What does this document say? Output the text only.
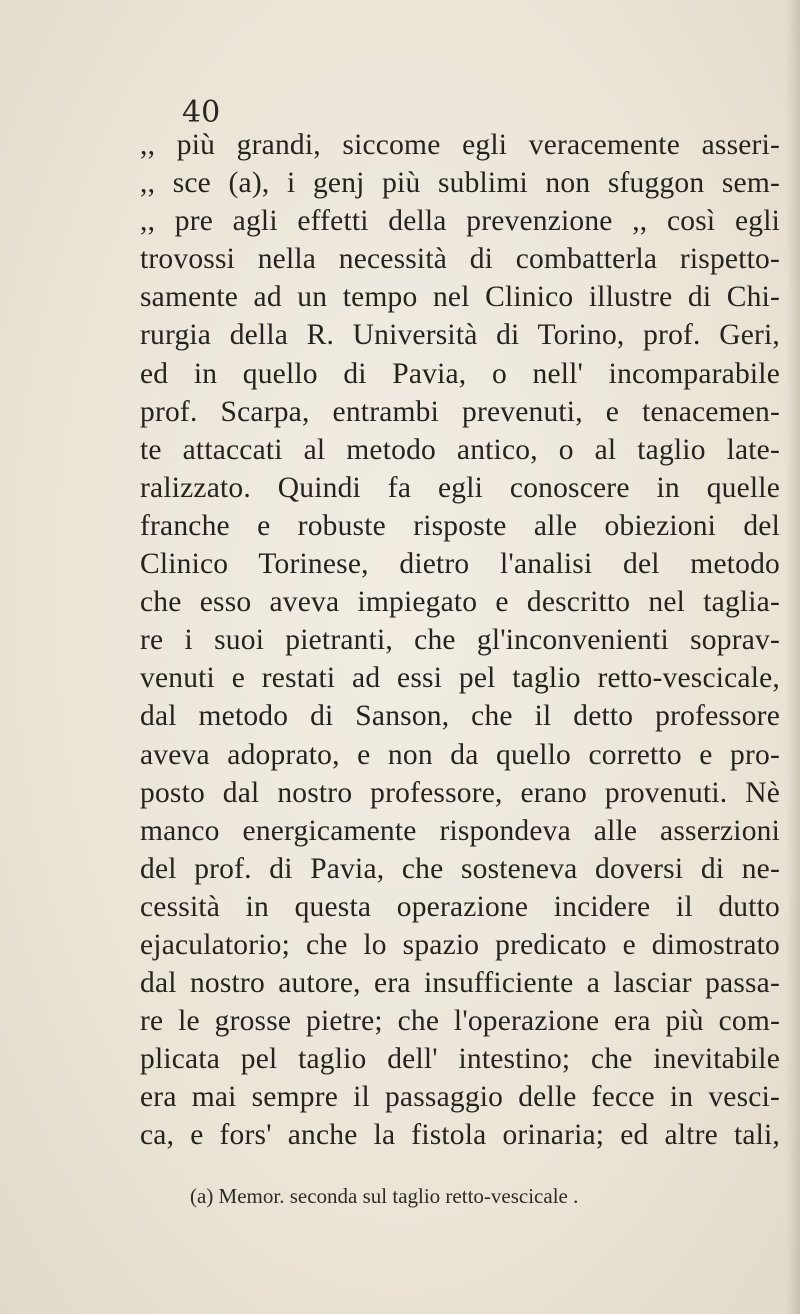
40
,, più grandi, siccome egli veracemente asseri-
,, sce (a), i genj più sublimi non sfuggon sem-
,, pre agli effetti della prevenzione ,, così egli
trovossi nella necessità di combatterla rispetto-
samente ad un tempo nel Clinico illustre di Chi-
rurgia della R. Università di Torino, prof. Geri,
ed in quello di Pavia, o nell' incomparabile
prof. Scarpa, entrambi prevenuti, e tenacemen-
te attaccati al metodo antico, o al taglio late-
ralizzato. Quindi fa egli conoscere in quelle
franche e robuste risposte alle obiezioni del
Clinico Torinese, dietro l'analisi del metodo
che esso aveva impiegato e descritto nel taglia-
re i suoi pietranti, che gl'inconvenienti soprav-
venuti e restati ad essi pel taglio retto-vescicale,
dal metodo di Sanson, che il detto professore
aveva adoprato, e non da quello corretto e pro-
posto dal nostro professore, erano provenuti. Nè
manco energicamente rispondeva alle asserzioni
del prof. di Pavia, che sosteneva doversi di ne-
cessità in questa operazione incidere il dutto
ejaculatorio; che lo spazio predicato e dimostrato
dal nostro autore, era insufficiente a lasciar passa-
re le grosse pietre; che l'operazione era più com-
plicata pel taglio dell' intestino; che inevitabile
era mai sempre il passaggio delle fecce in vesci-
ca, e fors' anche la fistola orinaria; ed altre tali,
(a) Memor. seconda sul taglio retto-vescicale .
